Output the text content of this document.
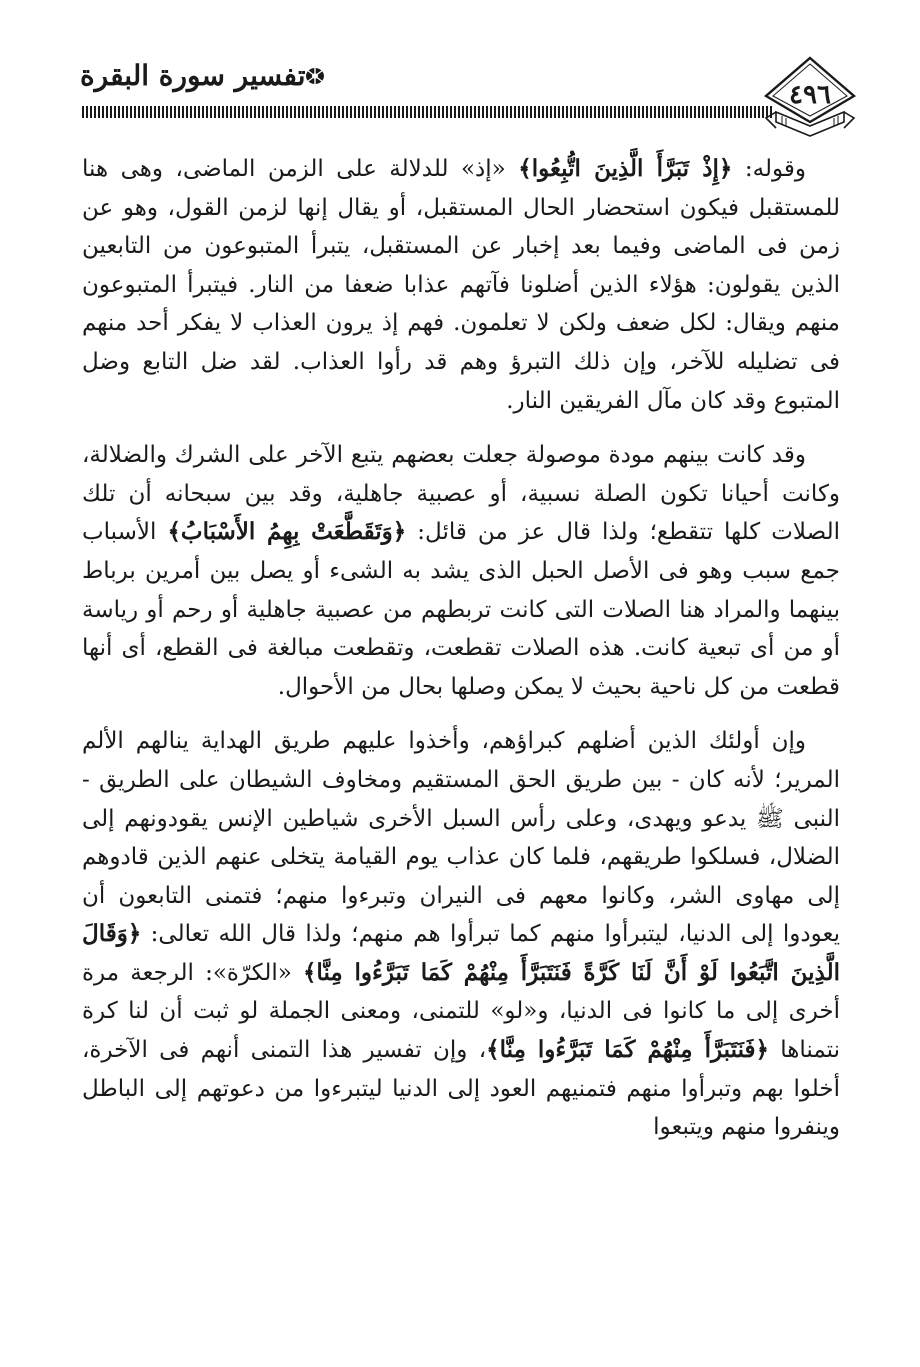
تفسير سورة البقرة
٤٩٦

وقوله: ﴿إِذْ تَبَرَّأَ الَّذِينَ اتُّبِعُوا﴾ «إذ» للدلالة على الزمن الماضى، وهى هنا للمستقبل فيكون استحضار الحال المستقبل، أو يقال إنها لزمن القول، وهو عن زمن فى الماضى وفيما بعد إخبار عن المستقبل، يتبرأ المتبوعون من التابعين الذين يقولون: هؤلاء الذين أضلونا فآتهم عذابا ضعفا من النار. فيتبرأ المتبوعون منهم ويقال: لكل ضعف ولكن لا تعلمون. فهم إذ يرون العذاب لا يفكر أحد منهم فى تضليله للآخر، وإن ذلك التبرؤ وهم قد رأوا العذاب. لقد ضل التابع وضل المتبوع وقد كان مآل الفريقين النار.

وقد كانت بينهم مودة موصولة جعلت بعضهم يتبع الآخر على الشرك والضلالة، وكانت أحيانا تكون الصلة نسبية، أو عصبية جاهلية، وقد بين سبحانه أن تلك الصلات كلها تتقطع؛ ولذا قال عز من قائل: ﴿وَتَقَطَّعَتْ بِهِمُ الأَسْبَابُ﴾ الأسباب جمع سبب وهو فى الأصل الحبل الذى يشد به الشىء أو يصل بين أمرين برباط بينهما والمراد هنا الصلات التى كانت تربطهم من عصبية جاهلية أو رحم أو رياسة أو من أى تبعية كانت. هذه الصلات تقطعت، وتقطعت مبالغة فى القطع، أى أنها قطعت من كل ناحية بحيث لا يمكن وصلها بحال من الأحوال.

وإن أولئك الذين أضلهم كبراؤهم، وأخذوا عليهم طريق الهداية ينالهم الألم المرير؛ لأنه كان - بين طريق الحق المستقيم ومخاوف الشيطان على الطريق - النبى ﷺ يدعو ويهدى، وعلى رأس السبل الأخرى شياطين الإنس يقودونهم إلى الضلال، فسلكوا طريقهم، فلما كان عذاب يوم القيامة يتخلى عنهم الذين قادوهم إلى مهاوى الشر، وكانوا معهم فى النيران وتبرءوا منهم؛ فتمنى التابعون أن يعودوا إلى الدنيا، ليتبرأوا منهم كما تبرأوا هم منهم؛ ولذا قال الله تعالى: ﴿وَقَالَ الَّذِينَ اتَّبَعُوا لَوْ أَنَّ لَنَا كَرَّةً فَنَتَبَرَّأَ مِنْهُمْ كَمَا تَبَرَّءُوا مِنَّا﴾ «الكرّة»: الرجعة مرة أخرى إلى ما كانوا فى الدنيا، و«لو» للتمنى، ومعنى الجملة لو ثبت أن لنا كرة نتمناها ﴿فَنَتَبَرَّأَ مِنْهُمْ كَمَا تَبَرَّءُوا مِنَّا﴾، وإن تفسير هذا التمنى أنهم فى الآخرة، أخلوا بهم وتبرأوا منهم فتمنيهم العود إلى الدنيا ليتبرءوا من دعوتهم إلى الباطل وينفروا منهم ويتبعوا
